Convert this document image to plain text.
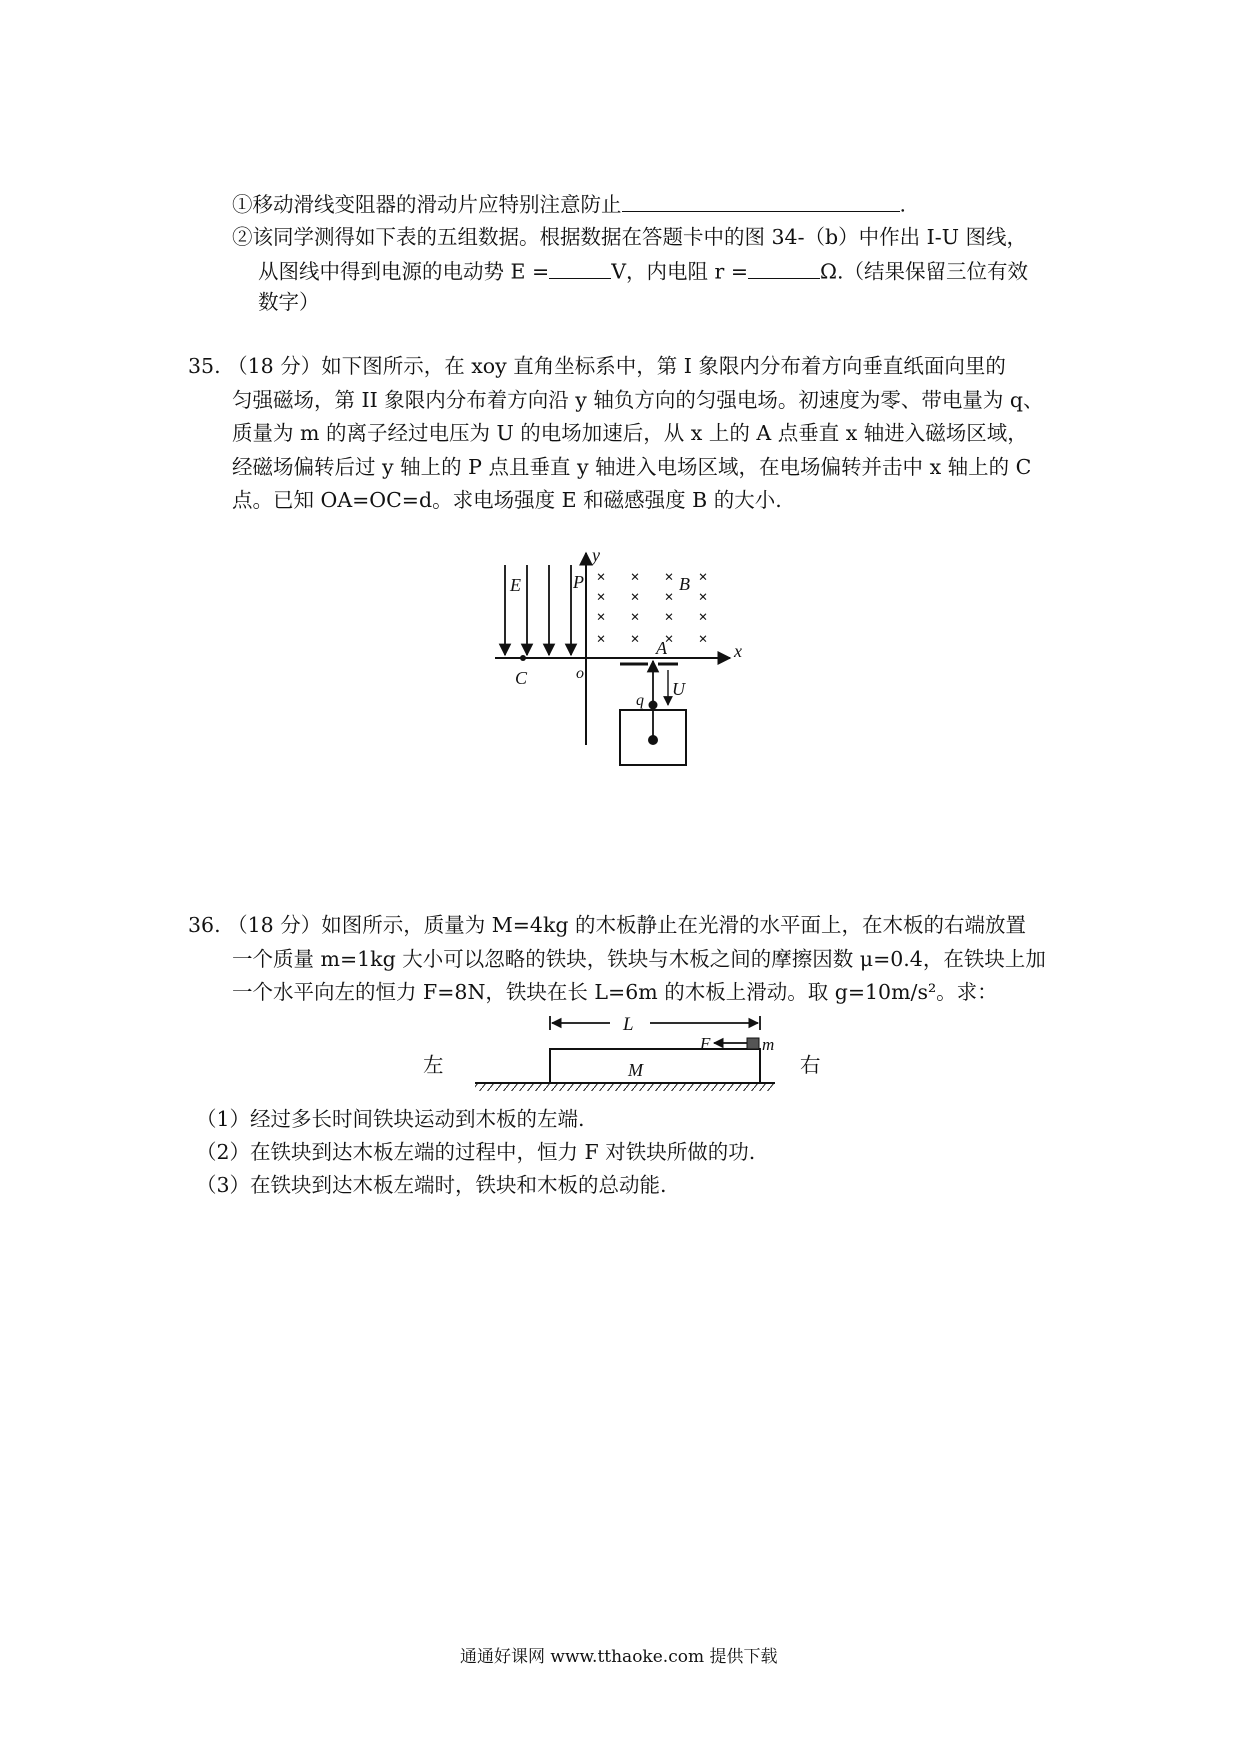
①移动滑线变阻器的滑动片应特别注意防止	.
②该同学测得如下表的五组数据。根据数据在答题卡中的图 34-（b）中作出 I-U 图线，
从图线中得到电源的电动势 E =	V，内电阻 r =	Ω.（结果保留三位有效
数字）
35. （18 分）如下图所示，在 xoy 直角坐标系中，第 I 象限内分布着方向垂直纸面向里的
匀强磁场，第 II 象限内分布着方向沿 y 轴负方向的匀强电场。初速度为零、带电量为 q、
质量为 m 的离子经过电压为 U 的电场加速后，从 x 上的 A 点垂直 x 轴进入磁场区域，
经磁场偏转后过 y 轴上的 P 点且垂直 y 轴进入电场区域，在电场偏转并击中 x 轴上的 C
点。已知 OA=OC=d。求电场强度 E 和磁感强度 B 的大小.
× × × ×
× × × ×
× × × ×
× × × ×
y
x
E	P	B
A
C	o
U
q
36. （18 分）如图所示，质量为 M=4kg 的木板静止在光滑的水平面上，在木板的右端放置
一个质量 m=1kg 大小可以忽略的铁块，铁块与木板之间的摩擦因数 μ=0.4，在铁块上加
一个水平向左的恒力 F=8N，铁块在长 L=6m 的木板上滑动。取 g=10m/s²。求：
L
M
m
F
左	右
（1）经过多长时间铁块运动到木板的左端.
（2）在铁块到达木板左端的过程中，恒力 F 对铁块所做的功.
（3）在铁块到达木板左端时，铁块和木板的总动能.
通通好课网 www.tthaoke.com 提供下载
